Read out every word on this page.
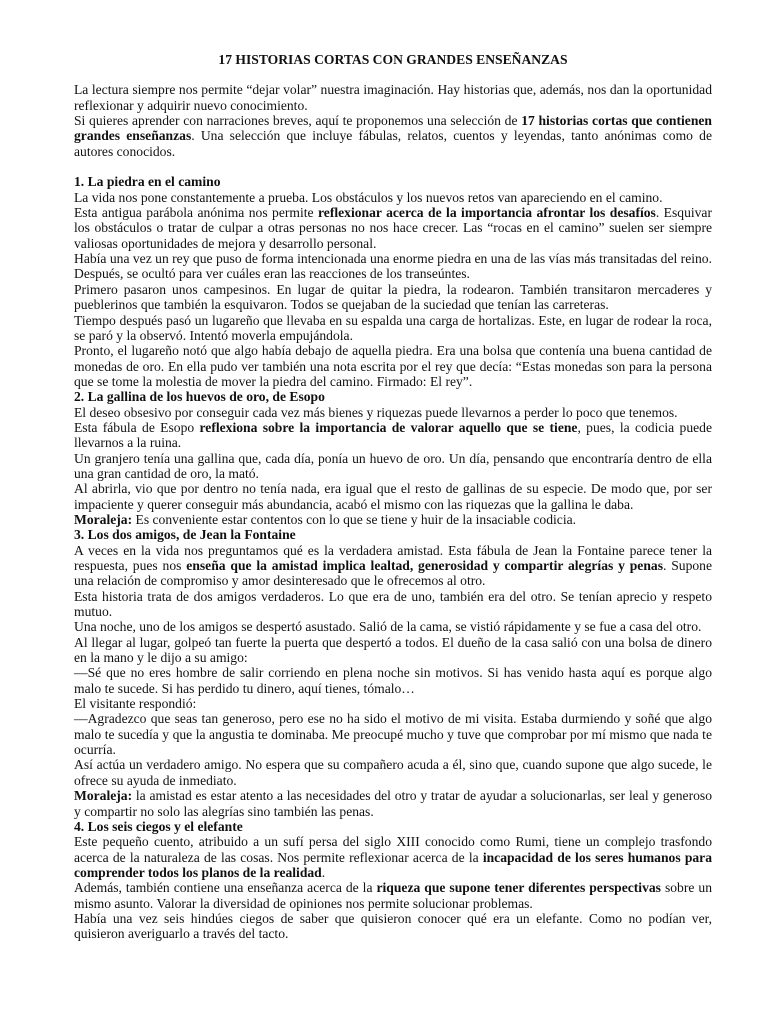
17 HISTORIAS CORTAS CON GRANDES ENSEÑANZAS

La lectura siempre nos permite “dejar volar” nuestra imaginación. Hay historias que, además, nos dan la oportunidad reflexionar y adquirir nuevo conocimiento.

Si quieres aprender con narraciones breves, aquí te proponemos una selección de 17 historias cortas que contienen grandes enseñanzas. Una selección que incluye fábulas, relatos, cuentos y leyendas, tanto anónimas como de autores conocidos.

1. La piedra en el camino

La vida nos pone constantemente a prueba. Los obstáculos y los nuevos retos van apareciendo en el camino.

Esta antigua parábola anónima nos permite reflexionar acerca de la importancia afrontar los desafíos. Esquivar los obstáculos o tratar de culpar a otras personas no nos hace crecer. Las “rocas en el camino” suelen ser siempre valiosas oportunidades de mejora y desarrollo personal.

Había una vez un rey que puso de forma intencionada una enorme piedra en una de las vías más transitadas del reino. Después, se ocultó para ver cuáles eran las reacciones de los transeúntes.

Primero pasaron unos campesinos. En lugar de quitar la piedra, la rodearon. También transitaron mercaderes y pueblerinos que también la esquivaron. Todos se quejaban de la suciedad que tenían las carreteras.

Tiempo después pasó un lugareño que llevaba en su espalda una carga de hortalizas. Este, en lugar de rodear la roca, se paró y la observó. Intentó moverla empujándola.

Pronto, el lugareño notó que algo había debajo de aquella piedra. Era una bolsa que contenía una buena cantidad de monedas de oro. En ella pudo ver también una nota escrita por el rey que decía: “Estas monedas son para la persona que se tome la molestia de mover la piedra del camino. Firmado: El rey”.

2. La gallina de los huevos de oro, de Esopo

El deseo obsesivo por conseguir cada vez más bienes y riquezas puede llevarnos a perder lo poco que tenemos.

Esta fábula de Esopo reflexiona sobre la importancia de valorar aquello que se tiene, pues, la codicia puede llevarnos a la ruina.

Un granjero tenía una gallina que, cada día, ponía un huevo de oro. Un día, pensando que encontraría dentro de ella una gran cantidad de oro, la mató.

Al abrirla, vio que por dentro no tenía nada, era igual que el resto de gallinas de su especie. De modo que, por ser impaciente y querer conseguir más abundancia, acabó el mismo con las riquezas que la gallina le daba.

Moraleja: Es conveniente estar contentos con lo que se tiene y huir de la insaciable codicia.

3. Los dos amigos, de Jean la Fontaine

A veces en la vida nos preguntamos qué es la verdadera amistad. Esta fábula de Jean la Fontaine parece tener la respuesta, pues nos enseña que la amistad implica lealtad, generosidad y compartir alegrías y penas. Supone una relación de compromiso y amor desinteresado que le ofrecemos al otro.

Esta historia trata de dos amigos verdaderos. Lo que era de uno, también era del otro. Se tenían aprecio y respeto mutuo.

Una noche, uno de los amigos se despertó asustado. Salió de la cama, se vistió rápidamente y se fue a casa del otro.

Al llegar al lugar, golpeó tan fuerte la puerta que despertó a todos. El dueño de la casa salió con una bolsa de dinero en la mano y le dijo a su amigo:

—Sé que no eres hombre de salir corriendo en plena noche sin motivos. Si has venido hasta aquí es porque algo malo te sucede. Si has perdido tu dinero, aquí tienes, tómalo…

El visitante respondió:

—Agradezco que seas tan generoso, pero ese no ha sido el motivo de mi visita. Estaba durmiendo y soñé que algo malo te sucedía y que la angustia te dominaba. Me preocupé mucho y tuve que comprobar por mí mismo que nada te ocurría.

Así actúa un verdadero amigo. No espera que su compañero acuda a él, sino que, cuando supone que algo sucede, le ofrece su ayuda de inmediato.

Moraleja: la amistad es estar atento a las necesidades del otro y tratar de ayudar a solucionarlas, ser leal y generoso y compartir no solo las alegrías sino también las penas.

4. Los seis ciegos y el elefante

Este pequeño cuento, atribuido a un sufí persa del siglo XIII conocido como Rumi, tiene un complejo trasfondo acerca de la naturaleza de las cosas. Nos permite reflexionar acerca de la incapacidad de los seres humanos para comprender todos los planos de la realidad.

Además, también contiene una enseñanza acerca de la riqueza que supone tener diferentes perspectivas sobre un mismo asunto. Valorar la diversidad de opiniones nos permite solucionar problemas.

Había una vez seis hindúes ciegos de saber que quisieron conocer qué era un elefante. Como no podían ver, quisieron averiguarlo a través del tacto.
